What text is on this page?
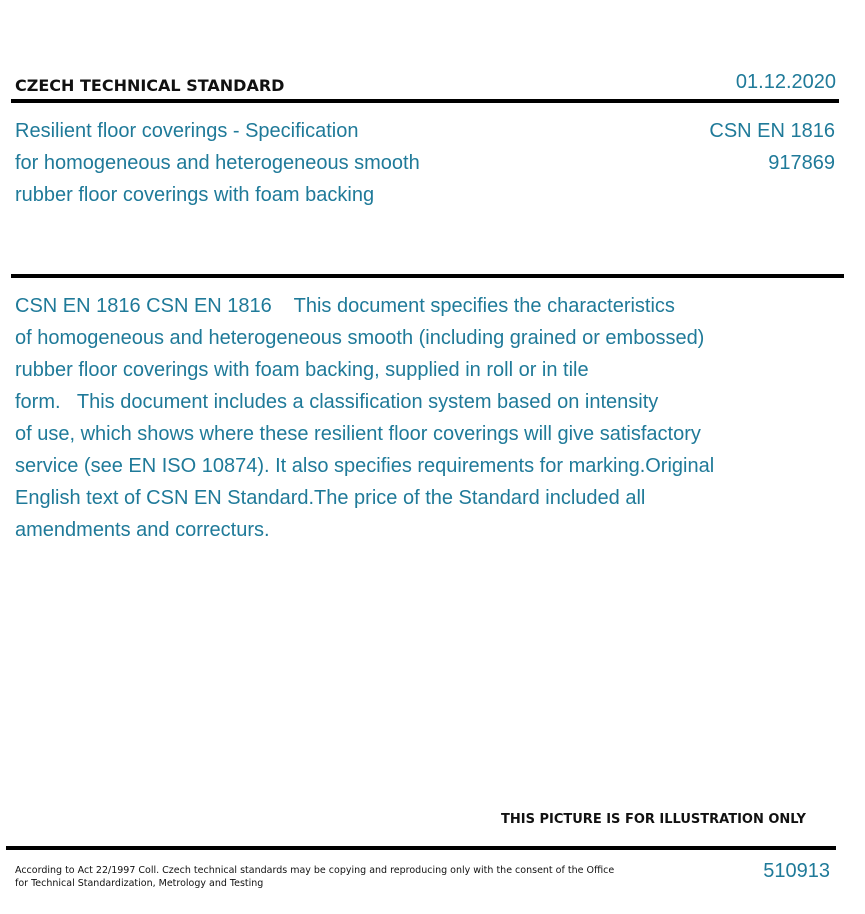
CZECH TECHNICAL STANDARD	01.12.2020
Resilient floor coverings - Specification
for homogeneous and heterogeneous smooth
rubber floor coverings with foam backing
CSN EN 1816
917869
CSN EN 1816 CSN EN 1816    This document specifies the characteristics
of homogeneous and heterogeneous smooth (including grained or embossed)
rubber floor coverings with foam backing, supplied in roll or in tile
form.   This document includes a classification system based on intensity
of use, which shows where these resilient floor coverings will give satisfactory
service (see EN ISO 10874). It also specifies requirements for marking.Original
English text of CSN EN Standard.The price of the Standard included all
amendments and correcturs.
THIS PICTURE IS FOR ILLUSTRATION ONLY
According to Act 22/1997 Coll. Czech technical standards may be copying and reproducing only with the consent of the Office
for Technical Standardization, Metrology and Testing
510913
